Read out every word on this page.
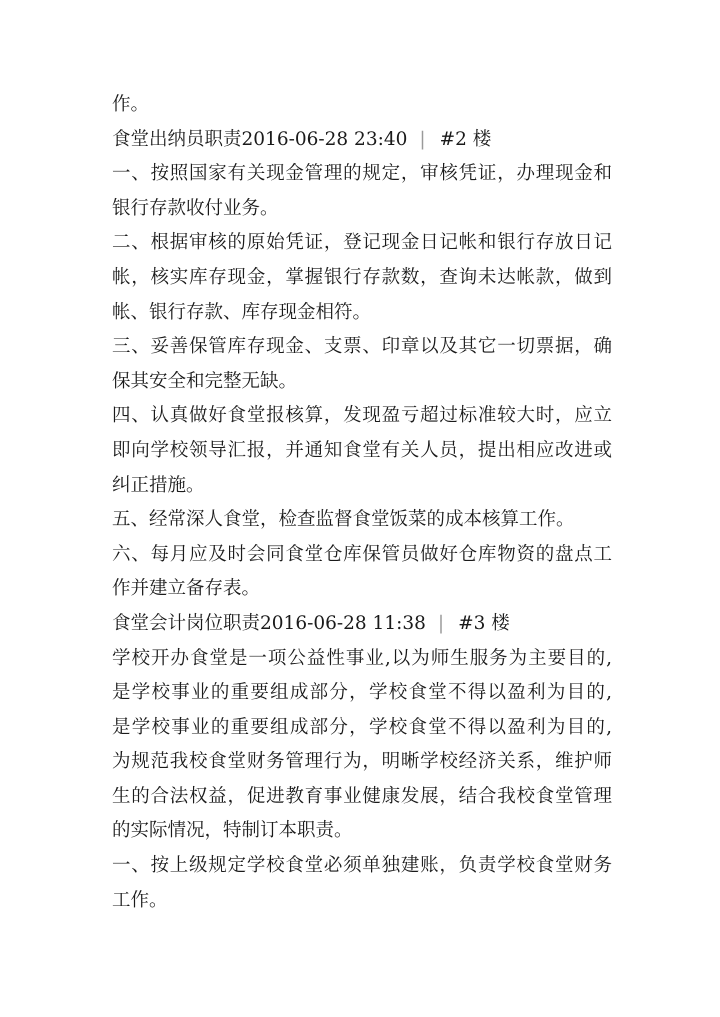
作。
食堂出纳员职责2016-06-28 23:40 | #2 楼
一、按照国家有关现金管理的规定，审核凭证，办理现金和
银行存款收付业务。
二、根据审核的原始凭证，登记现金日记帐和银行存放日记
帐，核实库存现金，掌握银行存款数，查询未达帐款，做到
帐、银行存款、库存现金相符。
三、妥善保管库存现金、支票、印章以及其它一切票据，确
保其安全和完整无缺。
四、认真做好食堂报核算，发现盈亏超过标准较大时，应立
即向学校领导汇报，并通知食堂有关人员，提出相应改进或
纠正措施。
五、经常深人食堂，检查监督食堂饭菜的成本核算工作。
六、每月应及时会同食堂仓库保管员做好仓库物资的盘点工
作并建立备存表。
食堂会计岗位职责2016-06-28 11:38 | #3 楼
学校开办食堂是一项公益性事业,以为师生服务为主要目的,
是学校事业的重要组成部分，学校食堂不得以盈利为目的,
是学校事业的重要组成部分，学校食堂不得以盈利为目的,
为规范我校食堂财务管理行为，明晰学校经济关系，维护师
生的合法权益，促进教育事业健康发展，结合我校食堂管理
的实际情况，特制订本职责。
一、按上级规定学校食堂必须单独建账，负责学校食堂财务
工作。
